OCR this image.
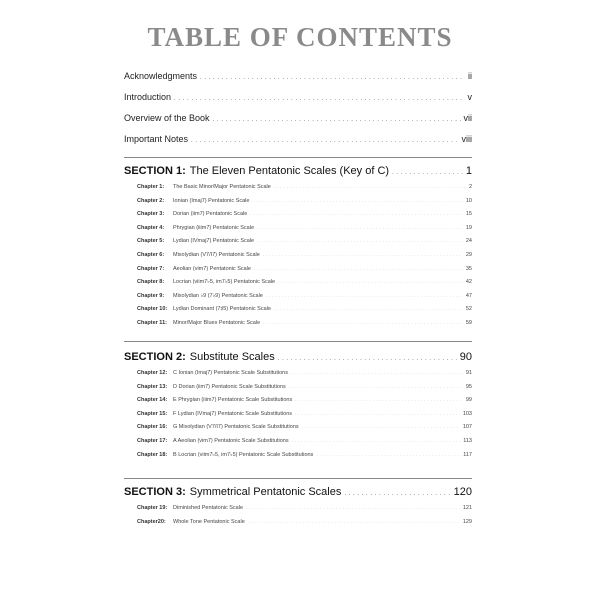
TABLE OF CONTENTS
Acknowledgments . . .	ii
Introduction . . .	v
Overview of the Book . . .	vii
Important Notes . . .	viii
SECTION 1: The Eleven Pentatonic Scales (Key of C) . . .	1
Chapter 1: The Basic Minor/Major Pentatonic Scale . . .	2
Chapter 2: Ionian (Imaj7) Pentatonic Scale . . .	10
Chapter 3: Dorian (iim7) Pentatonic Scale . . .	15
Chapter 4: Phrygian (iiim7) Pentatonic Scale . . .	19
Chapter 5: Lydian (IVmaj7) Pentatonic Scale . . .	24
Chapter 6: Mixolydian (V7/I7) Pentatonic Scale . . .	29
Chapter 7: Aeolian (vim7) Pentatonic Scale . . .	35
Chapter 8: Locrian (viim7♭5, im7♭5) Pentatonic Scale . . .	42
Chapter 9: Mixolydian ♭9 (7♭9) Pentatonic Scale . . .	47
Chapter 10: Lydian Dominant (7♯5) Pentatonic Scale . . .	52
Chapter 11: Minor/Major Blues Pentatonic Scale . . .	59
SECTION 2: Substitute Scales . . .	90
Chapter 12: C Ionian (Imaj7) Pentatonic Scale Substitutions . . .	91
Chapter 13: D Dorian (iim7) Pentatonic Scale Substitutions . . .	95
Chapter 14: E Phrygian (iiim7) Pentatonic Scale Substitutions . . .	99
Chapter 15: F Lydian (IVmaj7) Pentatonic Scale Substitutions . . .	103
Chapter 16: G Mixolydian (V7/I7) Pentatonic Scale Substitutions . . .	107
Chapter 17: A Aeolian (vim7) Pentatonic Scale Substitutions . . .	113
Chapter 18: B Locrian (viim7♭5, im7♭5) Pentatonic Scale Substitutions . . .	117
SECTION 3: Symmetrical Pentatonic Scales . . .	120
Chapter 19: Diminished Pentatonic Scale . . .	121
Chapter20: Whole Tone Pentatonic Scale . . .	129
